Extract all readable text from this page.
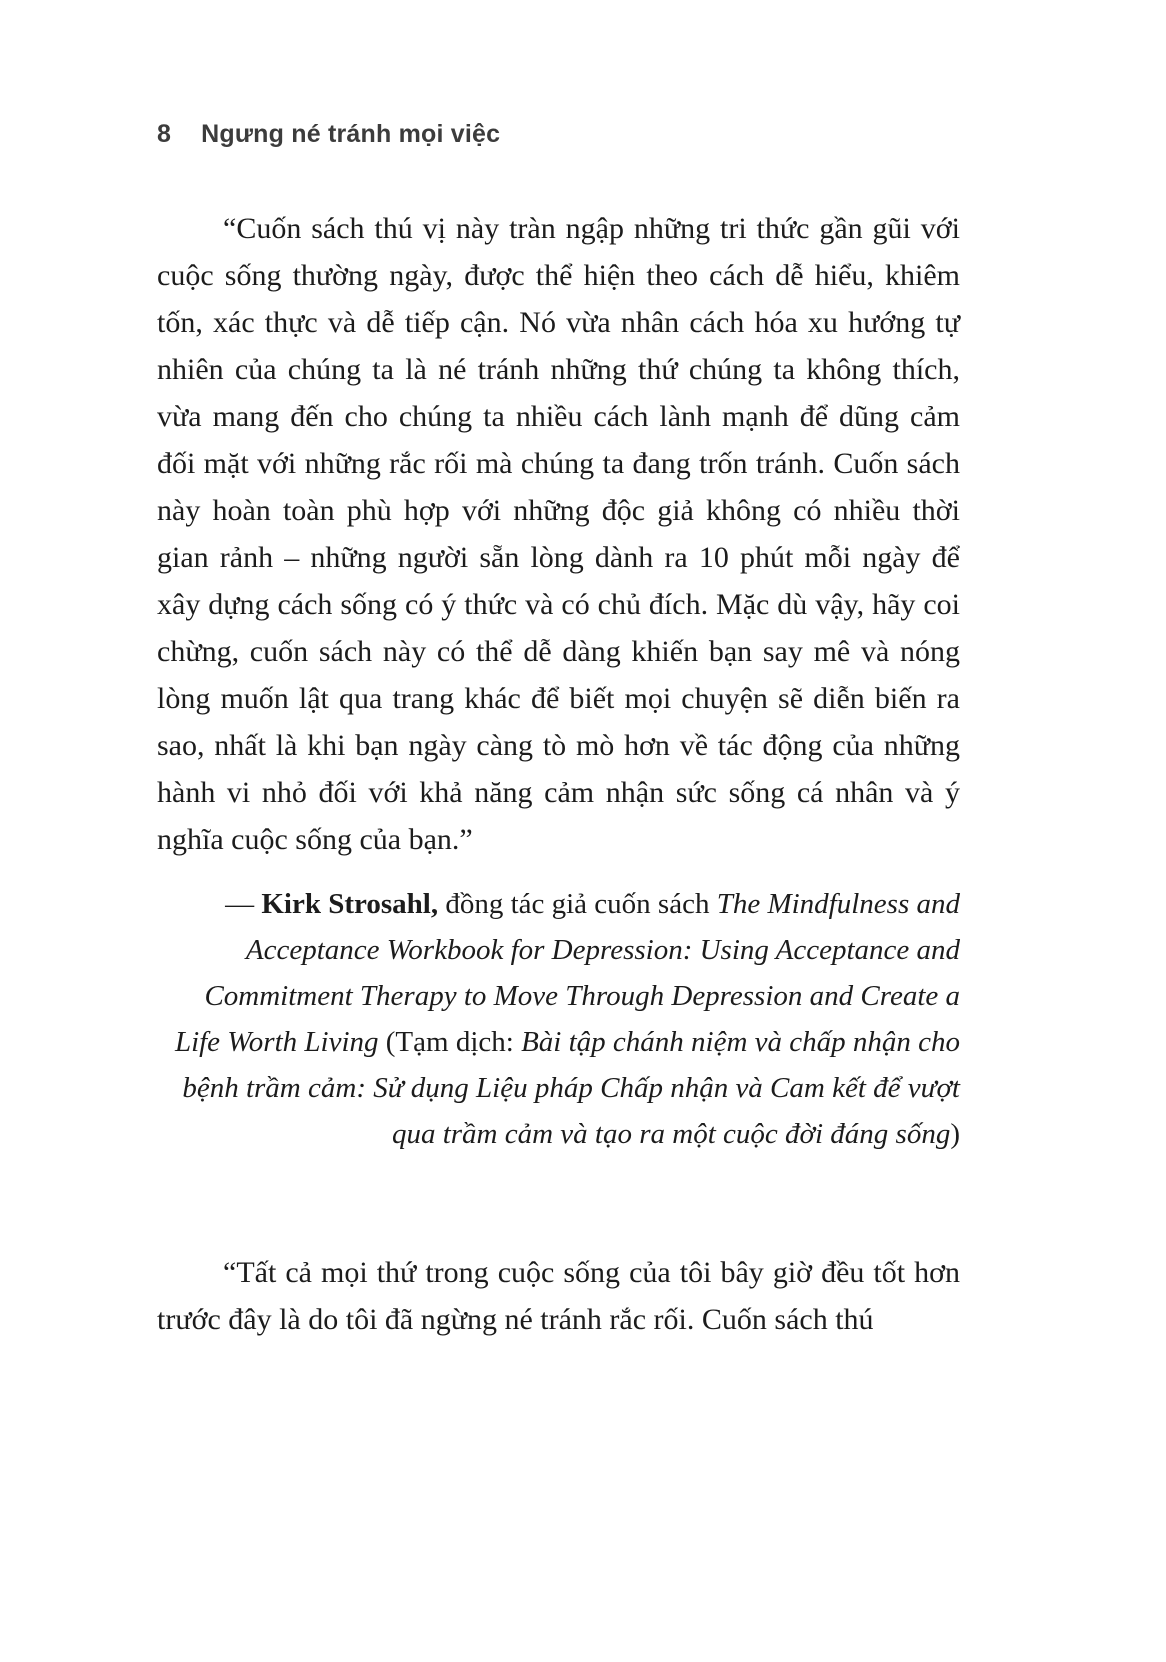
8 Ngưng né tránh mọi việc

“Cuốn sách thú vị này tràn ngập những tri thức gần gũi với cuộc sống thường ngày, được thể hiện theo cách dễ hiểu, khiêm tốn, xác thực và dễ tiếp cận. Nó vừa nhân cách hóa xu hướng tự nhiên của chúng ta là né tránh những thứ chúng ta không thích, vừa mang đến cho chúng ta nhiều cách lành mạnh để dũng cảm đối mặt với những rắc rối mà chúng ta đang trốn tránh. Cuốn sách này hoàn toàn phù hợp với những độc giả không có nhiều thời gian rảnh – những người sẵn lòng dành ra 10 phút mỗi ngày để xây dựng cách sống có ý thức và có chủ đích. Mặc dù vậy, hãy coi chừng, cuốn sách này có thể dễ dàng khiến bạn say mê và nóng lòng muốn lật qua trang khác để biết mọi chuyện sẽ diễn biến ra sao, nhất là khi bạn ngày càng tò mò hơn về tác động của những hành vi nhỏ đối với khả năng cảm nhận sức sống cá nhân và ý nghĩa cuộc sống của bạn.”

— Kirk Strosahl, đồng tác giả cuốn sách The Mindfulness and Acceptance Workbook for Depression: Using Acceptance and Commitment Therapy to Move Through Depression and Create a Life Worth Living (Tạm dịch: Bài tập chánh niệm và chấp nhận cho bệnh trầm cảm: Sử dụng Liệu pháp Chấp nhận và Cam kết để vượt qua trầm cảm và tạo ra một cuộc đời đáng sống)

“Tất cả mọi thứ trong cuộc sống của tôi bây giờ đều tốt hơn trước đây là do tôi đã ngừng né tránh rắc rối. Cuốn sách thú
